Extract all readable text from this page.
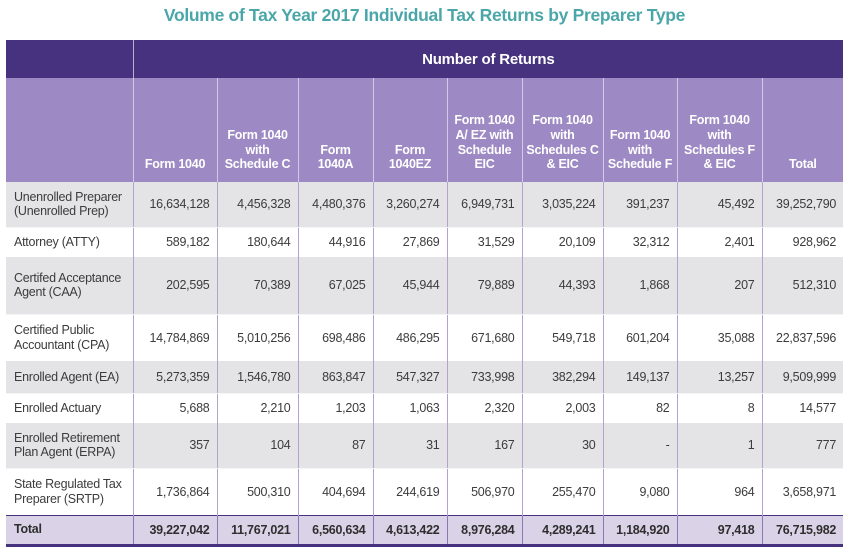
Volume of Tax Year 2017 Individual Tax Returns by Preparer Type
	Number of Returns								
	Form 1040	Form 1040 with Schedule C	Form 1040A	Form 1040EZ	Form 1040 A/ EZ with Schedule EIC	Form 1040 with Schedules C & EIC	Form 1040 with Schedule F	Form 1040 with Schedules F & EIC	Total
Unenrolled Preparer (Unenrolled Prep)	16,634,128	4,456,328	4,480,376	3,260,274	6,949,731	3,035,224	391,237	45,492	39,252,790
Attorney (ATTY)	589,182	180,644	44,916	27,869	31,529	20,109	32,312	2,401	928,962
Certifed Acceptance Agent (CAA)	202,595	70,389	67,025	45,944	79,889	44,393	1,868	207	512,310
Certified Public Accountant (CPA)	14,784,869	5,010,256	698,486	486,295	671,680	549,718	601,204	35,088	22,837,596
Enrolled Agent (EA)	5,273,359	1,546,780	863,847	547,327	733,998	382,294	149,137	13,257	9,509,999
Enrolled Actuary	5,688	2,210	1,203	1,063	2,320	2,003	82	8	14,577
Enrolled Retirement Plan Agent (ERPA)	357	104	87	31	167	30	-	1	777
State Regulated Tax Preparer (SRTP)	1,736,864	500,310	404,694	244,619	506,970	255,470	9,080	964	3,658,971
Total	39,227,042	11,767,021	6,560,634	4,613,422	8,976,284	4,289,241	1,184,920	97,418	76,715,982
